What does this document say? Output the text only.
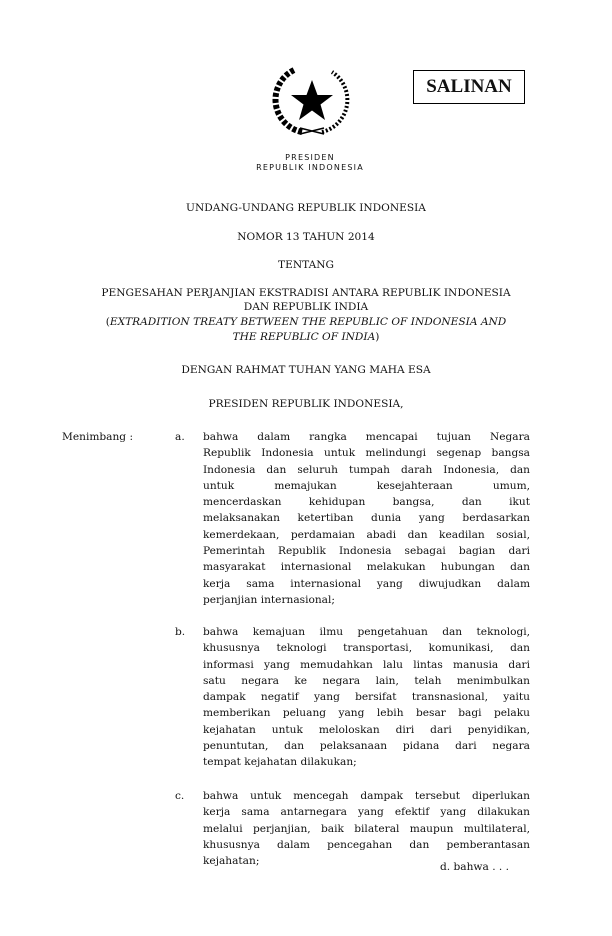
SALINAN
PRESIDEN
REPUBLIK INDONESIA
UNDANG-UNDANG REPUBLIK INDONESIA
NOMOR 13 TAHUN 2014
TENTANG
PENGESAHAN PERJANJIAN EKSTRADISI ANTARA REPUBLIK INDONESIA
DAN REPUBLIK INDIA
(EXTRADITION TREATY BETWEEN THE REPUBLIC OF INDONESIA AND
THE REPUBLIC OF INDIA)
DENGAN RAHMAT TUHAN YANG MAHA ESA
PRESIDEN REPUBLIK INDONESIA,
Menimbang :	a. bahwa dalam rangka mencapai tujuan Negara
Republik Indonesia untuk melindungi segenap bangsa
Indonesia dan seluruh tumpah darah Indonesia, dan
untuk memajukan kesejahteraan umum,
mencerdaskan kehidupan bangsa, dan ikut
melaksanakan ketertiban dunia yang berdasarkan
kemerdekaan, perdamaian abadi dan keadilan sosial,
Pemerintah Republik Indonesia sebagai bagian dari
masyarakat internasional melakukan hubungan dan
kerja sama internasional yang diwujudkan dalam
perjanjian internasional;
b. bahwa kemajuan ilmu pengetahuan dan teknologi,
khususnya teknologi transportasi, komunikasi, dan
informasi yang memudahkan lalu lintas manusia dari
satu negara ke negara lain, telah menimbulkan
dampak negatif yang bersifat transnasional, yaitu
memberikan peluang yang lebih besar bagi pelaku
kejahatan untuk meloloskan diri dari penyidikan,
penuntutan, dan pelaksanaan pidana dari negara
tempat kejahatan dilakukan;
c. bahwa untuk mencegah dampak tersebut diperlukan
kerja sama antarnegara yang efektif yang dilakukan
melalui perjanjian, baik bilateral maupun multilateral,
khususnya dalam pencegahan dan pemberantasan
kejahatan;	d. bahwa . . .
